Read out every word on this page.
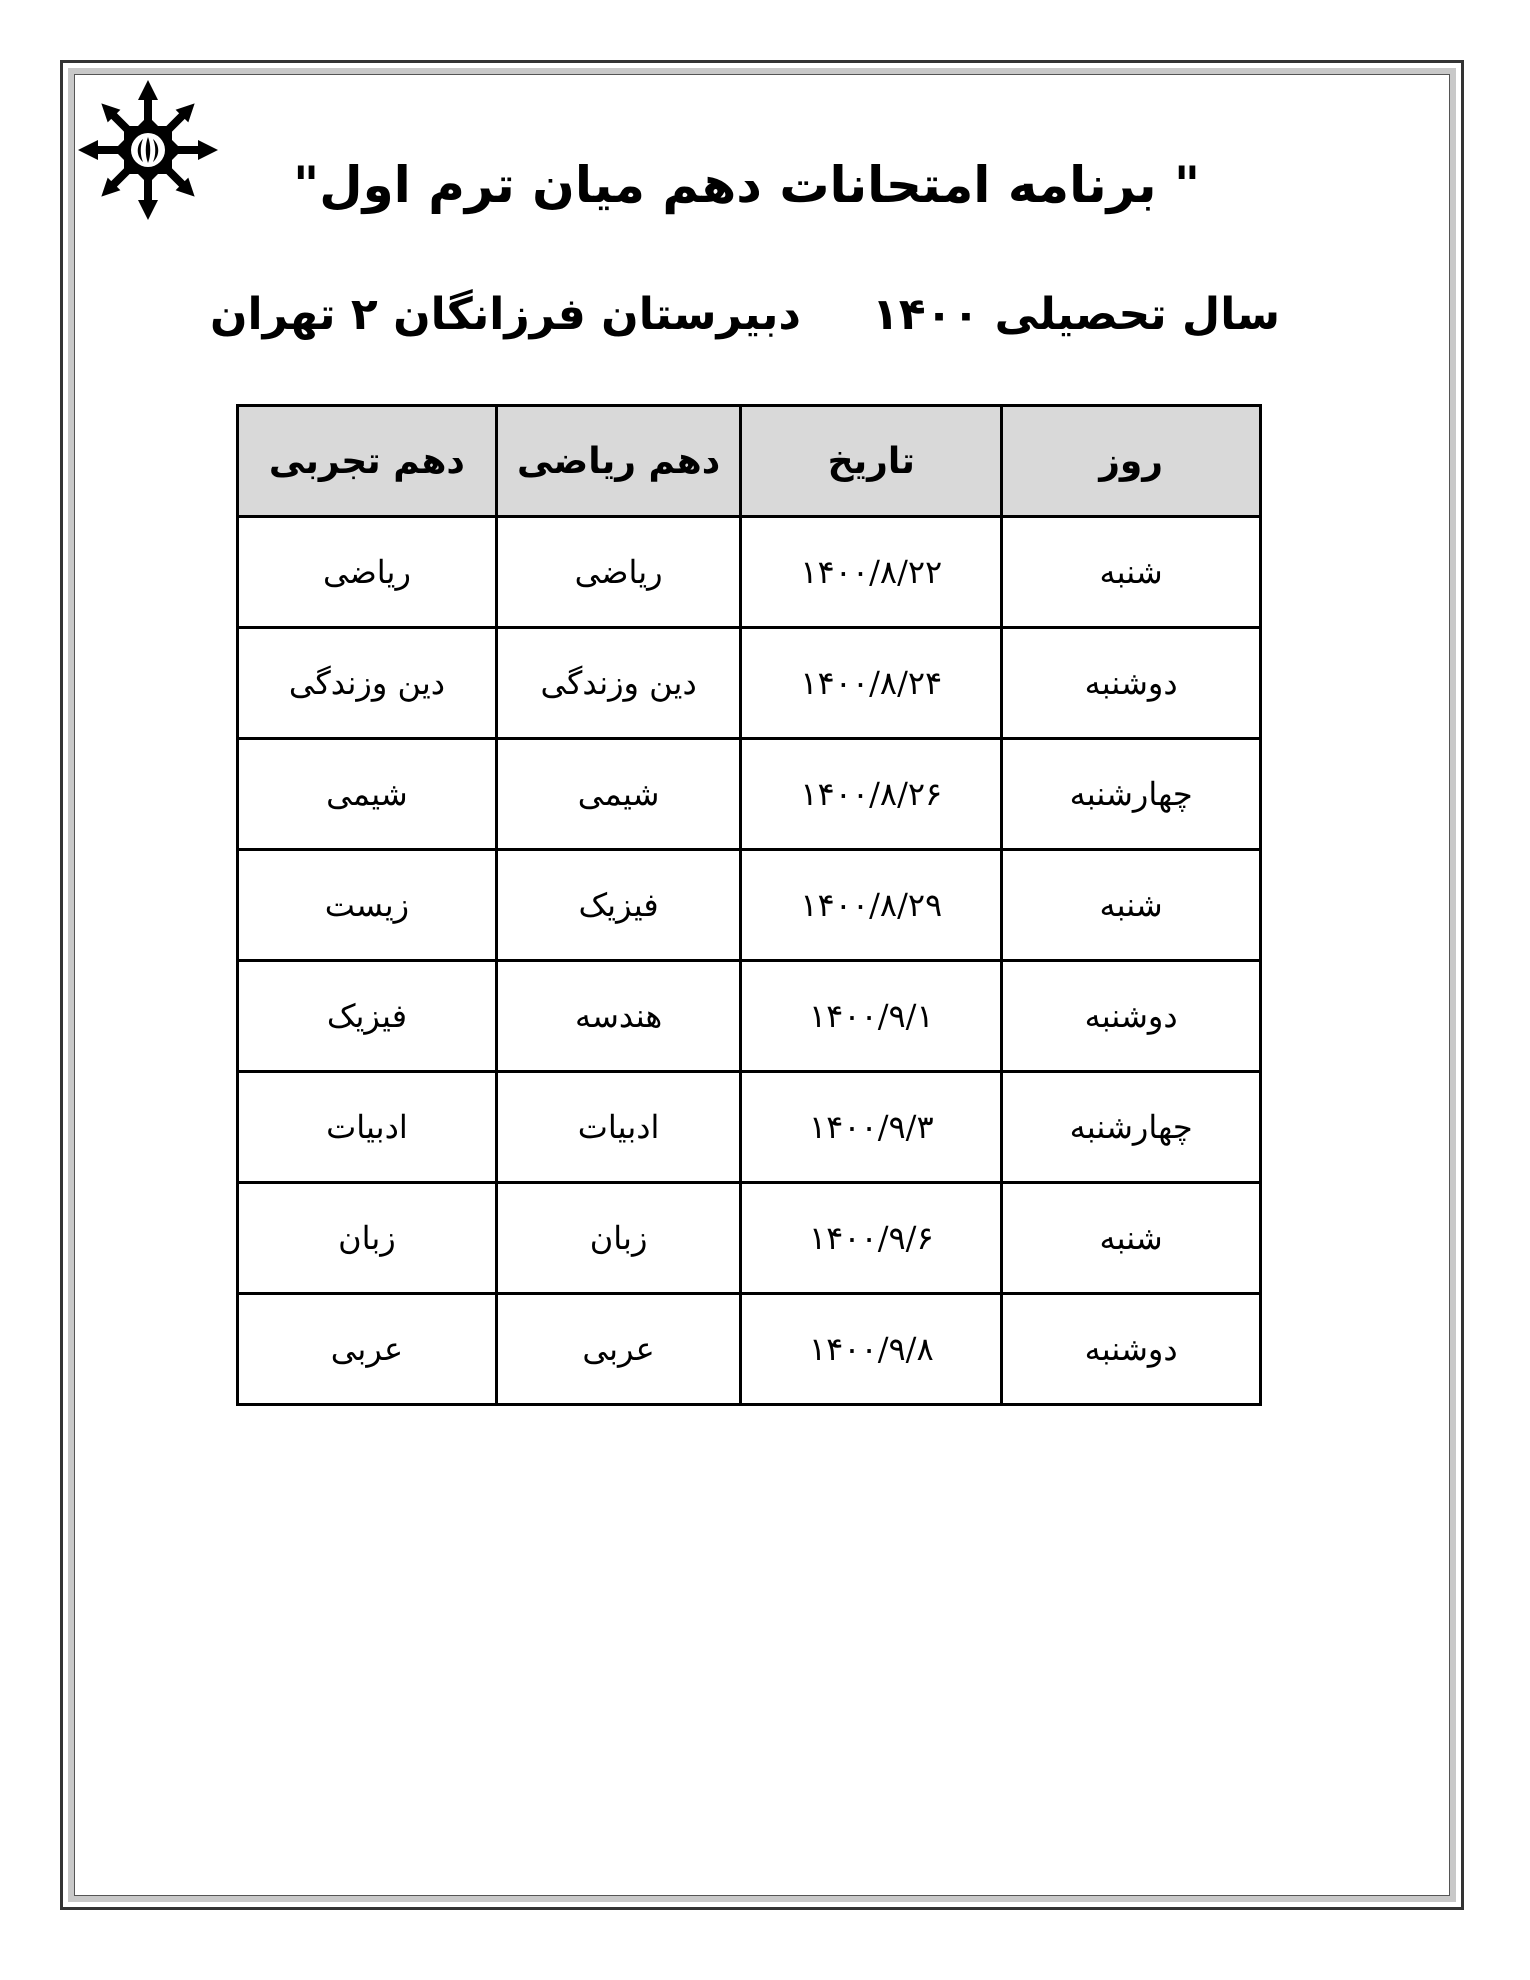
" برنامه امتحانات دهم میان ترم اول"
سال تحصیلی ۱۴۰۰
دبیرستان فرزانگان ۲ تهران
روز	تاریخ	دهم ریاضی	دهم تجربی
شنبه	۱۴۰۰/۸/۲۲	ریاضی	ریاضی
دوشنبه	۱۴۰۰/۸/۲۴	دین وزندگی	دین وزندگی
چهارشنبه	۱۴۰۰/۸/۲۶	شیمی	شیمی
شنبه	۱۴۰۰/۸/۲۹	فیزیک	زیست
دوشنبه	۱۴۰۰/۹/۱	هندسه	فیزیک
چهارشنبه	۱۴۰۰/۹/۳	ادبیات	ادبیات
شنبه	۱۴۰۰/۹/۶	زبان	زبان
دوشنبه	۱۴۰۰/۹/۸	عربی	عربی
